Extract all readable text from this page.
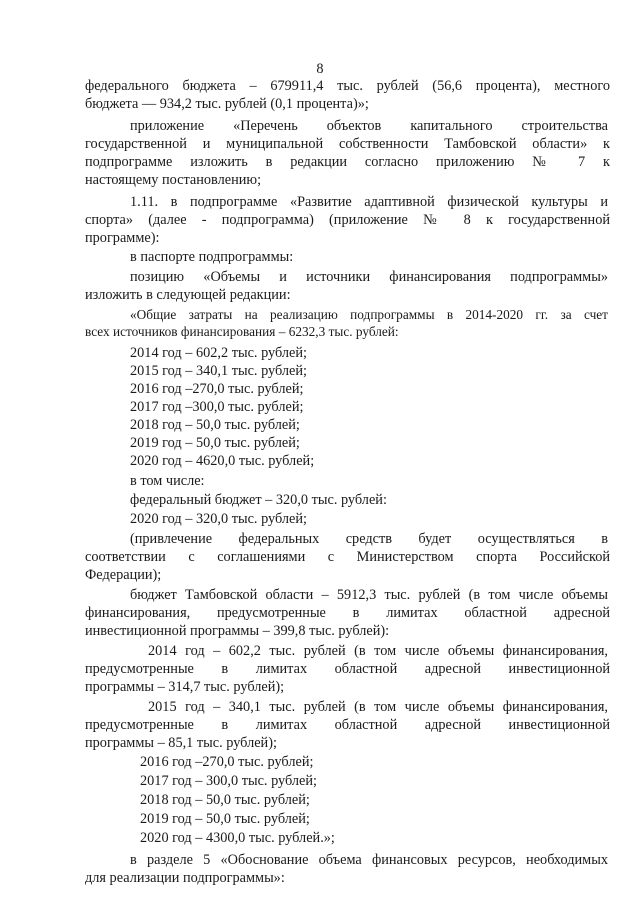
8
федерального бюджета – 679911,4 тыс. рублей (56,6 процента), местного
бюджета –– 934,2 тыс. рублей (0,1 процента)»;
приложение «Перечень объектов капитального строительства
государственной и муниципальной собственности Тамбовской области» к
подпрограмме изложить в редакции согласно приложению № 7 к
настоящему постановлению;
1.11. в подпрограмме «Развитие адаптивной физической культуры и
спорта» (далее - подпрограмма) (приложение № 8 к государственной
программе):
в паспорте подпрограммы:
позицию «Объемы и источники финансирования подпрограммы»
изложить в следующей редакции:
«Общие затраты на реализацию подпрограммы в 2014-2020 гг. за счет
всех источников финансирования – 6232,3 тыс. рублей:
2014 год – 602,2 тыс. рублей;
2015 год – 340,1 тыс. рублей;
2016 год –270,0 тыс. рублей;
2017 год –300,0 тыс. рублей;
2018 год – 50,0 тыс. рублей;
2019 год – 50,0 тыс. рублей;
2020 год – 4620,0 тыс. рублей;
в том числе:
федеральный бюджет – 320,0 тыс. рублей:
2020 год – 320,0 тыс. рублей;
(привлечение федеральных средств будет осуществляться в
соответствии с соглашениями с Министерством спорта Российской
Федерации);
бюджет Тамбовской области – 5912,3 тыс. рублей (в том числе объемы
финансирования, предусмотренные в лимитах областной адресной
инвестиционной программы – 399,8 тыс. рублей):
2014 год – 602,2 тыс. рублей (в том числе объемы финансирования,
предусмотренные в лимитах областной адресной инвестиционной
программы – 314,7 тыс. рублей);
2015 год – 340,1 тыс. рублей (в том числе объемы финансирования,
предусмотренные в лимитах областной адресной инвестиционной
программы – 85,1 тыс. рублей);
2016 год –270,0 тыс. рублей;
2017 год – 300,0 тыс. рублей;
2018 год – 50,0 тыс. рублей;
2019 год – 50,0 тыс. рублей;
2020 год – 4300,0 тыс. рублей.»;
в разделе 5 «Обоснование объема финансовых ресурсов, необходимых
для реализации подпрограммы»:
